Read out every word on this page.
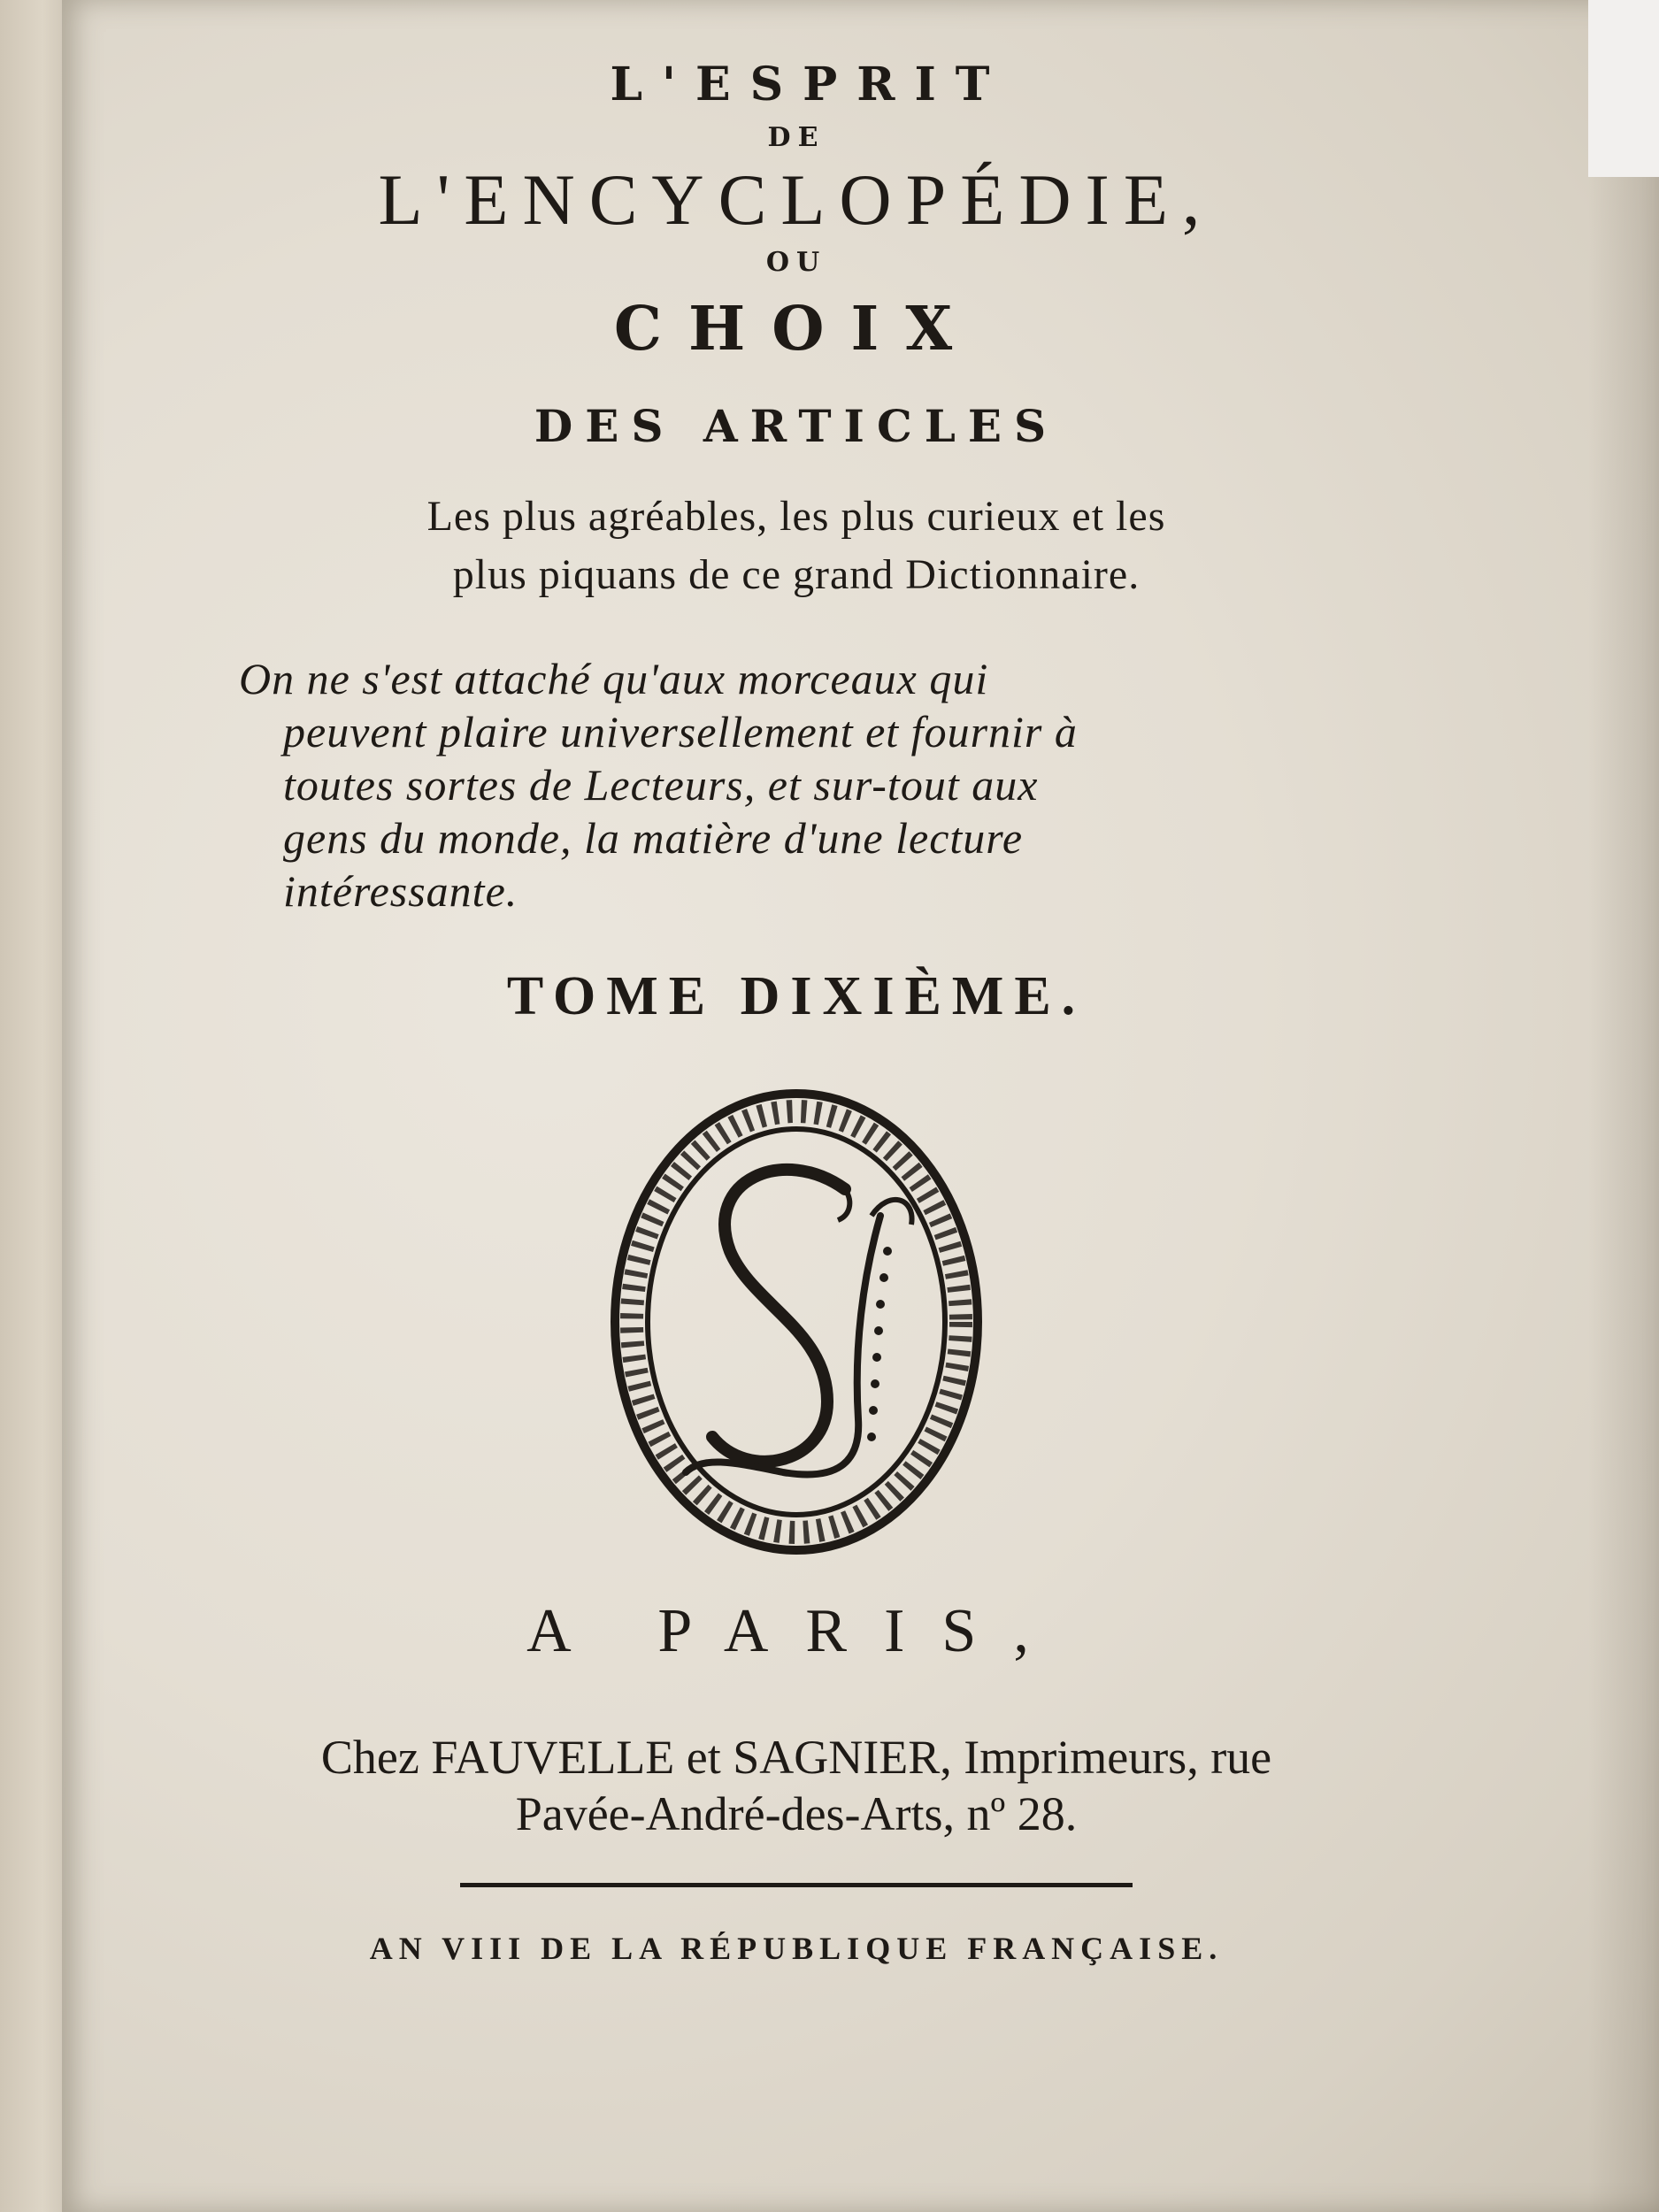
L'ESPRIT

DE

L'ENCYCLOPÉDIE,

OU

CHOIX

DES ARTICLES

Les plus agréables, les plus curieux et les
plus piquans de ce grand Dictionnaire.
On ne s'est attaché qu'aux morceaux qui
peuvent plaire universellement et fournir à
toutes sortes de Lecteurs, et sur-tout aux
gens du monde, la matière d'une lecture
intéressante.

TOME DIXIÈME.

A PARIS,

Chez FAUVELLE et SAGNIER, Imprimeurs, rue
Pavée-André-des-Arts, nº 28.

AN VIII DE LA RÉPUBLIQUE FRANÇAISE.
